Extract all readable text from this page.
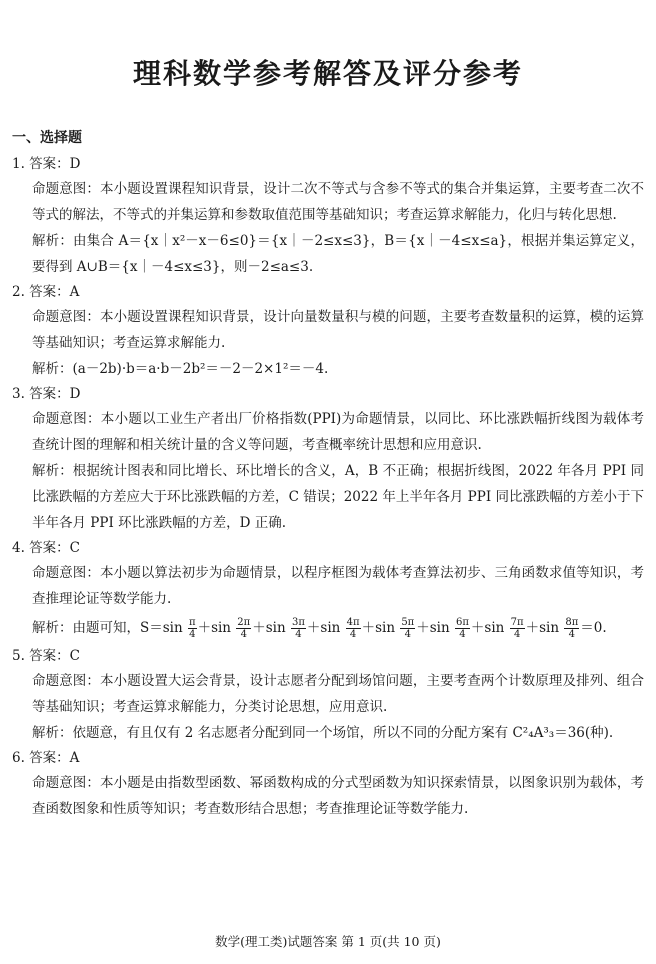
理科数学参考解答及评分参考
一、选择题
1. 答案：D
命题意图：本小题设置课程知识背景，设计二次不等式与含参不等式的集合并集运算，主要考查二次不等式的解法，不等式的并集运算和参数取值范围等基础知识；考查运算求解能力，化归与转化思想.
解析：由集合 A＝{x｜x²－x－6≤0}＝{x｜－2≤x≤3}，B＝{x｜－4≤x≤a}，根据并集运算定义，要得到 A∪B＝{x｜－4≤x≤3}，则－2≤a≤3.
2. 答案：A
命题意图：本小题设置课程知识背景，设计向量数量积与模的问题，主要考查数量积的运算，模的运算等基础知识；考查运算求解能力.
解析：(a－2b)·b＝a·b－2b²＝－2－2×1²＝－4.
3. 答案：D
命题意图：本小题以工业生产者出厂价格指数(PPI)为命题情景，以同比、环比涨跌幅折线图为载体考查统计图的理解和相关统计量的含义等问题，考查概率统计思想和应用意识.
解析：根据统计图表和同比增长、环比增长的含义，A，B 不正确；根据折线图，2022 年各月 PPI 同比涨跌幅的方差应大于环比涨跌幅的方差，C 错误；2022 年上半年各月 PPI 同比涨跌幅的方差小于下半年各月 PPI 环比涨跌幅的方差，D 正确.
4. 答案：C
命题意图：本小题以算法初步为命题情景，以程序框图为载体考查算法初步、三角函数求值等知识，考查推理论证等数学能力.
解析：由题可知，$S=\sin \frac{\pi}{4} +\sin \frac{2\pi}{4} +\sin \frac{3\pi}{4} +\sin \frac{4\pi}{4} +\sin \frac{5\pi}{4} +\sin \frac{6\pi}{4} +\sin \frac{7\pi}{4} +\sin \frac{8\pi}{4} =0$.
5. 答案：C
命题意图：本小题设置大运会背景，设计志愿者分配到场馆问题，主要考查两个计数原理及排列、组合等基础知识；考查运算求解能力，分类讨论思想，应用意识.
解析：依题意，有且仅有 2 名志愿者分配到同一个场馆，所以不同的分配方案有 C²₄A³₃＝36(种).
6. 答案：A
命题意图：本小题是由指数型函数、幂函数构成的分式型函数为知识探索情景，以图象识别为载体，考查函数图象和性质等知识；考查数形结合思想；考查推理论证等数学能力.
数学(理工类)试题答案 第 1 页(共 10 页)
